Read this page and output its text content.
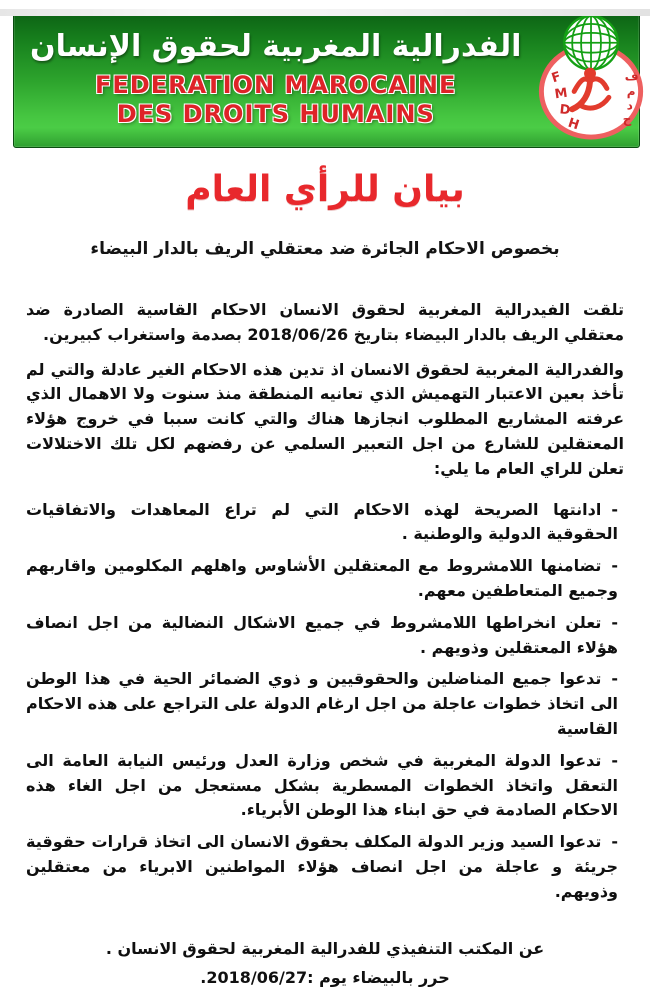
الفدرالية المغربية لحقوق الإنسان
FEDERATION MAROCAINE
DES DROITS HUMAINS
F
M
D
H
ف
م
د
ح
بيان للرأي العام
بخصوص الاحكام الجائرة ضد معتقلي الريف بالدار البيضاء

تلقت الفيدرالية المغربية لحقوق الانسان الاحكام القاسية الصادرة ضد معتقلي الريف بالدار البيضاء بتاريخ 2018/06/26 بصدمة واستغراب كبيرين.

والفدرالية المغربية لحقوق الانسان اذ تدين هذه الاحكام الغير عادلة والتي لم تأخذ بعين الاعتبار التهميش الذي تعانيه المنطقة منذ سنوت ولا الاهمال الذي عرفته المشاريع المطلوب انجازها هناك والتي كانت سببا في خروج هؤلاء المعتقلين للشارع من اجل التعبير السلمي عن رفضهم لكل تلك الاختلالات تعلن للراي العام ما يلي:

- ادانتها الصريحة لهذه الاحكام التي لم تراع المعاهدات والاتفاقيات الحقوقية الدولية والوطنية .
- تضامنها اللامشروط مع المعتقلين الأشاوس واهلهم المكلومين واقاربهم وجميع المتعاطفين معهم.
- تعلن انخراطها اللامشروط في جميع الاشكال النضالية من اجل انصاف هؤلاء المعتقلين وذويهم .
- تدعوا جميع المناضلين والحقوقيين و ذوي الضمائر الحية في هذا الوطن الى اتخاذ خطوات عاجلة من اجل ارغام الدولة على التراجع على هذه الاحكام القاسية
- تدعوا الدولة المغربية في شخص وزارة العدل ورئيس النيابة العامة الى التعقل واتخاذ الخطوات المسطرية بشكل مستعجل من اجل الغاء هذه الاحكام الصادمة في حق ابناء هذا الوطن الأبرياء.
- تدعوا السيد وزير الدولة المكلف بحقوق الانسان الى اتخاذ قرارات حقوقية جريئة و عاجلة من اجل انصاف هؤلاء المواطنين الابرياء من معتقلين وذويهم.

عن المكتب التنفيذي للفدرالية المغربية لحقوق الانسان .

حرر بالبيضاء يوم :2018/06/27.
